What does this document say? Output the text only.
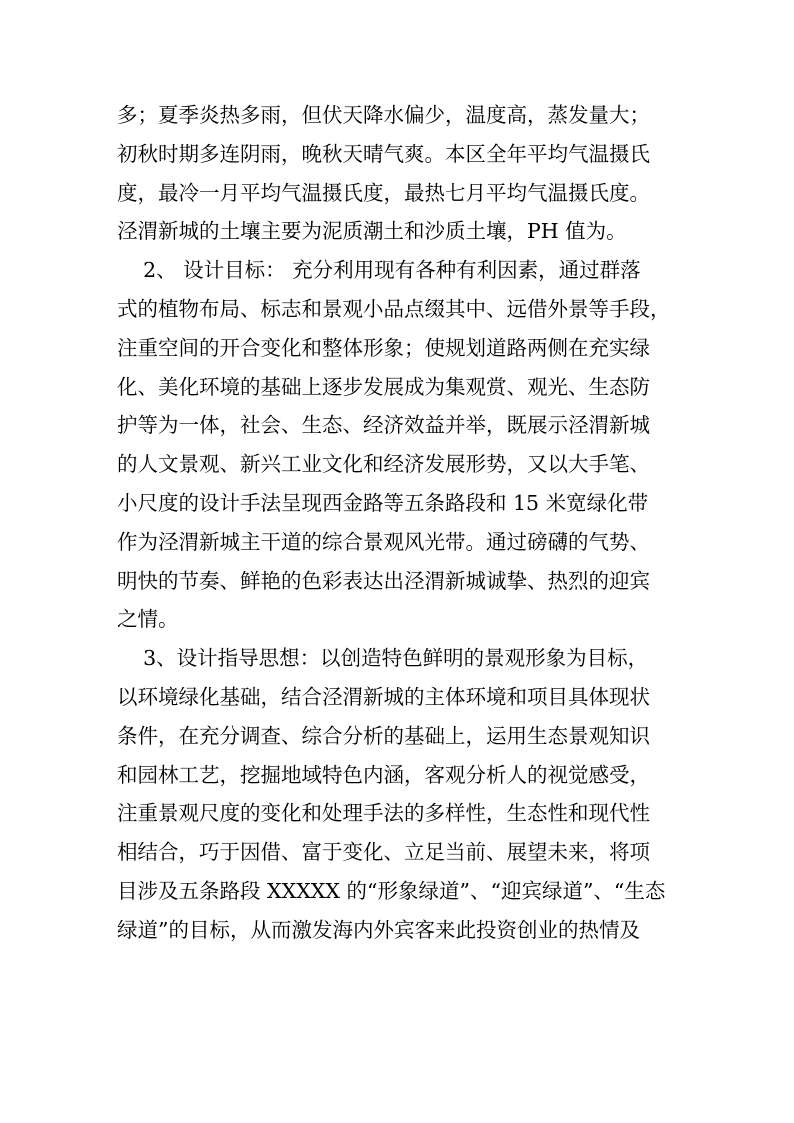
多；夏季炎热多雨，但伏天降水偏少，温度高，蒸发量大；
初秋时期多连阴雨，晚秋天晴气爽。本区全年平均气温摄氏
度，最冷一月平均气温摄氏度，最热七月平均气温摄氏度。
泾渭新城的土壤主要为泥质潮土和沙质土壤，PH 值为。
2、 设计目标： 充分利用现有各种有利因素，通过群落
式的植物布局、标志和景观小品点缀其中、远借外景等手段，
注重空间的开合变化和整体形象；使规划道路两侧在充实绿
化、美化环境的基础上逐步发展成为集观赏、观光、生态防
护等为一体，社会、生态、经济效益并举，既展示泾渭新城
的人文景观、新兴工业文化和经济发展形势，又以大手笔、
小尺度的设计手法呈现西金路等五条路段和 15 米宽绿化带
作为泾渭新城主干道的综合景观风光带。通过磅礴的气势、
明快的节奏、鲜艳的色彩表达出泾渭新城诚挚、热烈的迎宾
之情。
3、设计指导思想：以创造特色鲜明的景观形象为目标，
以环境绿化基础，结合泾渭新城的主体环境和项目具体现状
条件，在充分调查、综合分析的基础上，运用生态景观知识
和园林工艺，挖掘地域特色内涵，客观分析人的视觉感受，
注重景观尺度的变化和处理手法的多样性，生态性和现代性
相结合，巧于因借、富于变化、立足当前、展望未来，将项
目涉及五条路段 XXXXX 的“形象绿道”、“迎宾绿道”、“生态
绿道”的目标，从而激发海内外宾客来此投资创业的热情及
